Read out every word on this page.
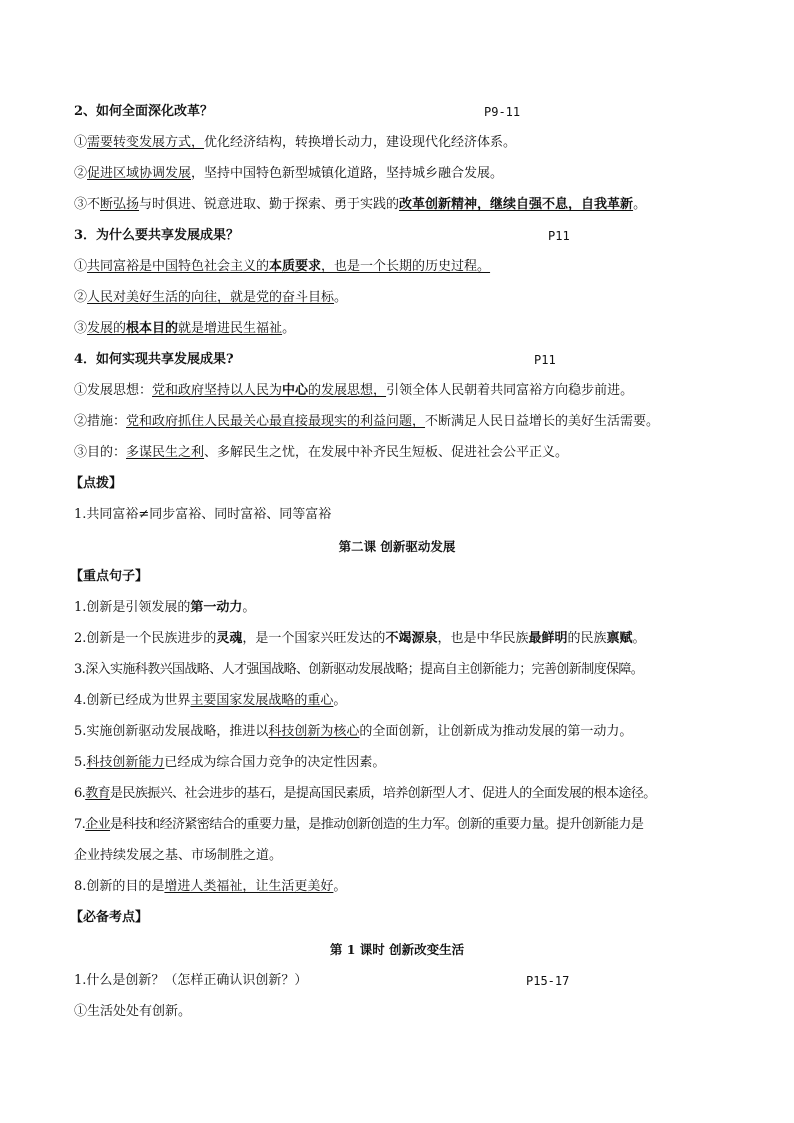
2、如何全面深化改革？	P9-11
①需要转变发展方式，优化经济结构，转换增长动力，建设现代化经济体系。
②促进区域协调发展，坚持中国特色新型城镇化道路，坚持城乡融合发展。
③不断弘扬与时俱进、锐意进取、勤于探索、勇于实践的改革创新精神，继续自强不息，自我革新。
3．为什么要共享发展成果？	P11
①共同富裕是中国特色社会主义的本质要求，也是一个长期的历史过程。
②人民对美好生活的向往，就是党的奋斗目标。
③发展的根本目的就是增进民生福祉。
4．如何实现共享发展成果?	P11
①发展思想：党和政府坚持以人民为中心的发展思想，引领全体人民朝着共同富裕方向稳步前进。
②措施：党和政府抓住人民最关心最直接最现实的利益问题，不断满足人民日益增长的美好生活需要。
③目的：多谋民生之利、多解民生之忧，在发展中补齐民生短板、促进社会公平正义。
【点拨】
1.共同富裕≠同步富裕、同时富裕、同等富裕
第二课 创新驱动发展
【重点句子】
1.创新是引领发展的第一动力。
2.创新是一个民族进步的灵魂，是一个国家兴旺发达的不竭源泉，也是中华民族最鲜明的民族禀赋。
3.深入实施科教兴国战略、人才强国战略、创新驱动发展战略；提高自主创新能力；完善创新制度保障。
4.创新已经成为世界主要国家发展战略的重心。
5.实施创新驱动发展战略，推进以科技创新为核心的全面创新，让创新成为推动发展的第一动力。
5.科技创新能力已经成为综合国力竞争的决定性因素。
6.教育是民族振兴、社会进步的基石，是提高国民素质，培养创新型人才、促进人的全面发展的根本途径。
7.企业是科技和经济紧密结合的重要力量，是推动创新创造的生力军。创新的重要力量。提升创新能力是
企业持续发展之基、市场制胜之道。
8.创新的目的是增进人类福祉，让生活更美好。
【必备考点】
第 1 课时 创新改变生活
1.什么是创新？（怎样正确认识创新？）	P15-17
①生活处处有创新。
